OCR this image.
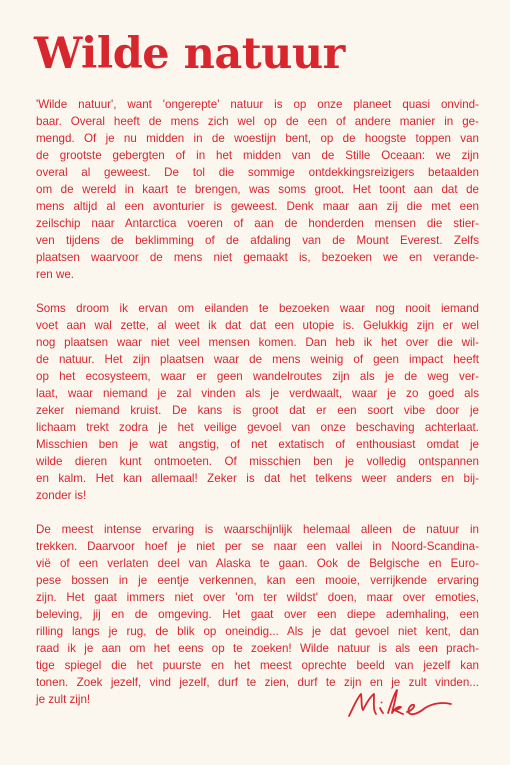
Wilde natuur

'Wilde natuur', want 'ongerepte' natuur is op onze planeet quasi onvind-
baar. Overal heeft de mens zich wel op de een of andere manier in ge-
mengd. Of je nu midden in de woestijn bent, op de hoogste toppen van
de grootste gebergten of in het midden van de Stille Oceaan: we zijn
overal al geweest. De tol die sommige ontdekkingsreizigers betaalden
om de wereld in kaart te brengen, was soms groot. Het toont aan dat de
mens altijd al een avonturier is geweest. Denk maar aan zij die met een
zeilschip naar Antarctica voeren of aan de honderden mensen die stier-
ven tijdens de beklimming of de afdaling van de Mount Everest. Zelfs
plaatsen waarvoor de mens niet gemaakt is, bezoeken we en verande-
ren we.

Soms droom ik ervan om eilanden te bezoeken waar nog nooit iemand
voet aan wal zette, al weet ik dat dat een utopie is. Gelukkig zijn er wel
nog plaatsen waar niet veel mensen komen. Dan heb ik het over die wil-
de natuur. Het zijn plaatsen waar de mens weinig of geen impact heeft
op het ecosysteem, waar er geen wandelroutes zijn als je de weg ver-
laat, waar niemand je zal vinden als je verdwaalt, waar je zo goed als
zeker niemand kruist. De kans is groot dat er een soort vibe door je
lichaam trekt zodra je het veilige gevoel van onze beschaving achterlaat.
Misschien ben je wat angstig, of net extatisch of enthousiast omdat je
wilde dieren kunt ontmoeten. Of misschien ben je volledig ontspannen
en kalm. Het kan allemaal! Zeker is dat het telkens weer anders en bij-
zonder is!

De meest intense ervaring is waarschijnlijk helemaal alleen de natuur in
trekken. Daarvoor hoef je niet per se naar een vallei in Noord-Scandina-
vië of een verlaten deel van Alaska te gaan. Ook de Belgische en Euro-
pese bossen in je eentje verkennen, kan een mooie, verrijkende ervaring
zijn. Het gaat immers niet over 'om ter wildst' doen, maar over emoties,
beleving, jij en de omgeving. Het gaat over een diepe ademhaling, een
rilling langs je rug, de blik op oneindig... Als je dat gevoel niet kent, dan
raad ik je aan om het eens op te zoeken! Wilde natuur is als een prach-
tige spiegel die het puurste en het meest oprechte beeld van jezelf kan
tonen. Zoek jezelf, vind jezelf, durf te zien, durf te zijn en je zult vinden...
je zult zijn!
